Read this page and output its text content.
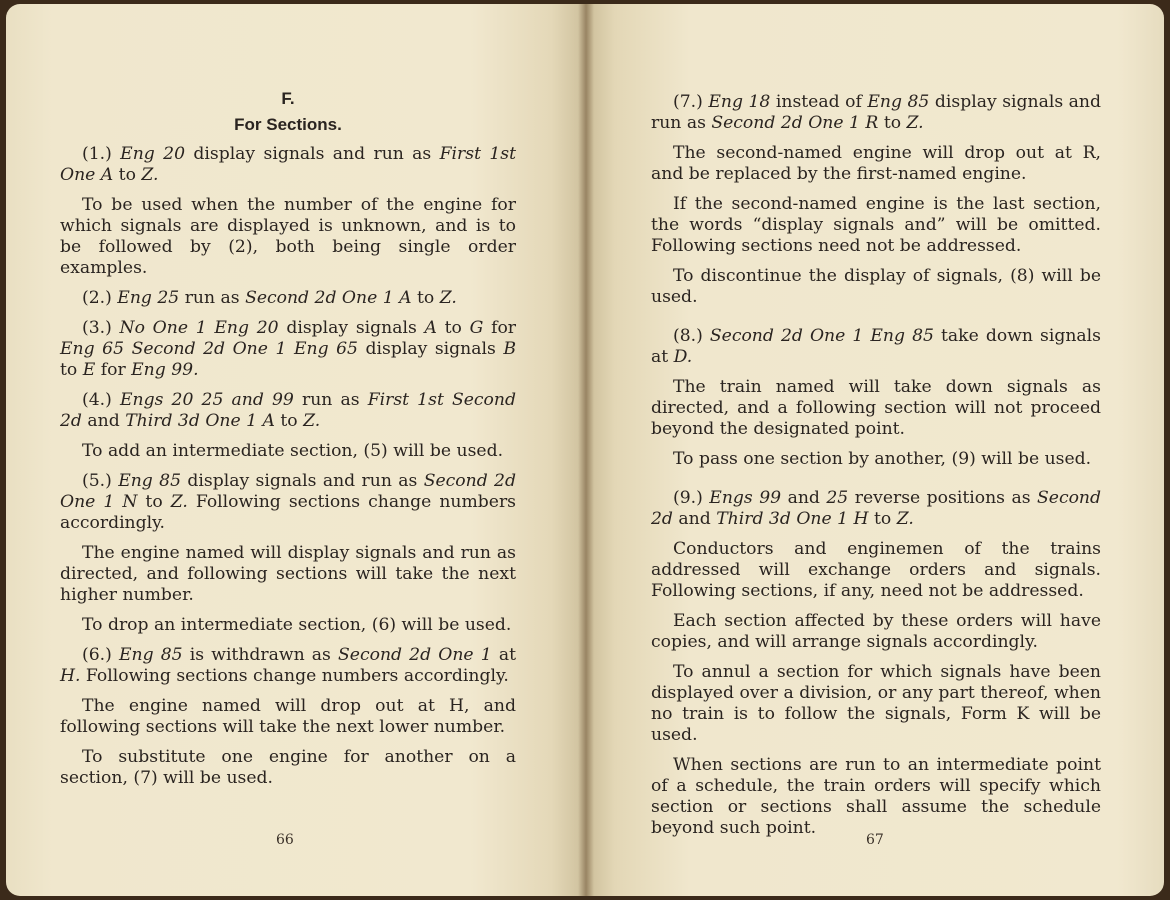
F.

For Sections.

(1.) Eng 20 display signals and run as First 1st One A to Z.

To be used when the number of the engine for which signals are displayed is unknown, and is to be followed by (2), both being single order examples.

(2.) Eng 25 run as Second 2d One 1 A to Z.

(3.) No One 1 Eng 20 display signals A to G for Eng 65 Second 2d One 1 Eng 65 display signals B to E for Eng 99.

(4.) Engs 20 25 and 99 run as First 1st Second 2d and Third 3d One 1 A to Z.

To add an intermediate section, (5) will be used.

(5.) Eng 85 display signals and run as Second 2d One 1 N to Z. Following sections change numbers accordingly.

The engine named will display signals and run as directed, and following sections will take the next higher number.

To drop an intermediate section, (6) will be used.

(6.) Eng 85 is withdrawn as Second 2d One 1 at H. Following sections change numbers accordingly.

The engine named will drop out at H, and following sections will take the next lower number.

To substitute one engine for another on a section, (7) will be used.

66

(7.) Eng 18 instead of Eng 85 display signals and run as Second 2d One 1 R to Z.

The second-named engine will drop out at R, and be replaced by the first-named engine.

If the second-named engine is the last section, the words “display signals and” will be omitted. Following sections need not be addressed.

To discontinue the display of signals, (8) will be used.

(8.) Second 2d One 1 Eng 85 take down signals at D.

The train named will take down signals as directed, and a following section will not proceed beyond the designated point.

To pass one section by another, (9) will be used.

(9.) Engs 99 and 25 reverse positions as Second 2d and Third 3d One 1 H to Z.

Conductors and enginemen of the trains addressed will exchange orders and signals. Following sections, if any, need not be addressed.

Each section affected by these orders will have copies, and will arrange signals accordingly.

To annul a section for which signals have been displayed over a division, or any part thereof, when no train is to follow the signals, Form K will be used.

When sections are run to an intermediate point of a schedule, the train orders will specify which section or sections shall assume the schedule beyond such point.

67
